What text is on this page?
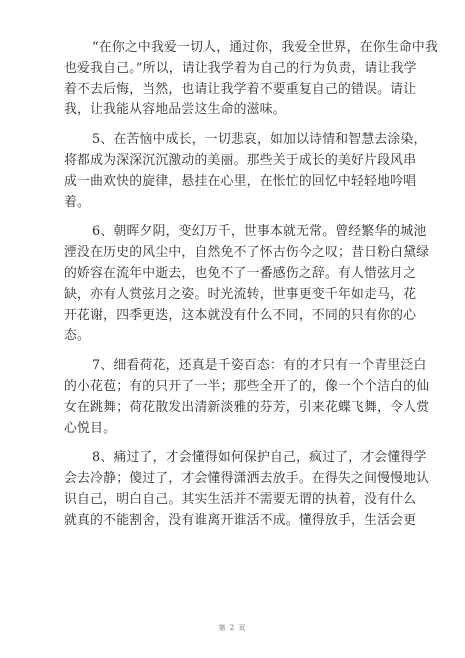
“在你之中我爱一切人，通过你，我爱全世界，在你生命中我
也爱我自己。”所以，请让我学着为自己的行为负责，请让我学
着不去后悔，当然，也请让我学着不要重复自己的错误。请让
我，让我能从容地品尝这生命的滋味。
5、在苦恼中成长，一切悲哀，如加以诗情和智慧去涂染，
将都成为深深沉沉激动的美丽。那些关于成长的美好片段风串
成一曲欢快的旋律，悬挂在心里，在怅忙的回忆中轻轻地吟唱
着。
6、朝晖夕阴，变幻万千，世事本就无常。曾经繁华的城池
湮没在历史的风尘中，自然免不了怀古伤今之叹；昔日粉白黛绿
的娇容在流年中逝去，也免不了一番感伤之辞。有人惜弦月之
缺，亦有人赏弦月之姿。时光流转，世事更变千年如走马，花
开花谢，四季更迭，这本就没有什么不同，不同的只有你的心
态。
7、细看荷花，还真是千姿百态：有的才只有一个青里泛白
的小花苞；有的只开了一半；那些全开了的，像一个个洁白的仙
女在跳舞；荷花散发出清新淡雅的芬芳，引来花蝶飞舞，令人赏
心悦目。
8、痛过了，才会懂得如何保护自己，疯过了，才会懂得学
会去冷静；傻过了，才会懂得潇洒去放手。在得失之间慢慢地认
识自己，明白自己。其实生活并不需要无谓的执着，没有什么
就真的不能割舍，没有谁离开谁活不成。懂得放手，生活会更
第 2 页
